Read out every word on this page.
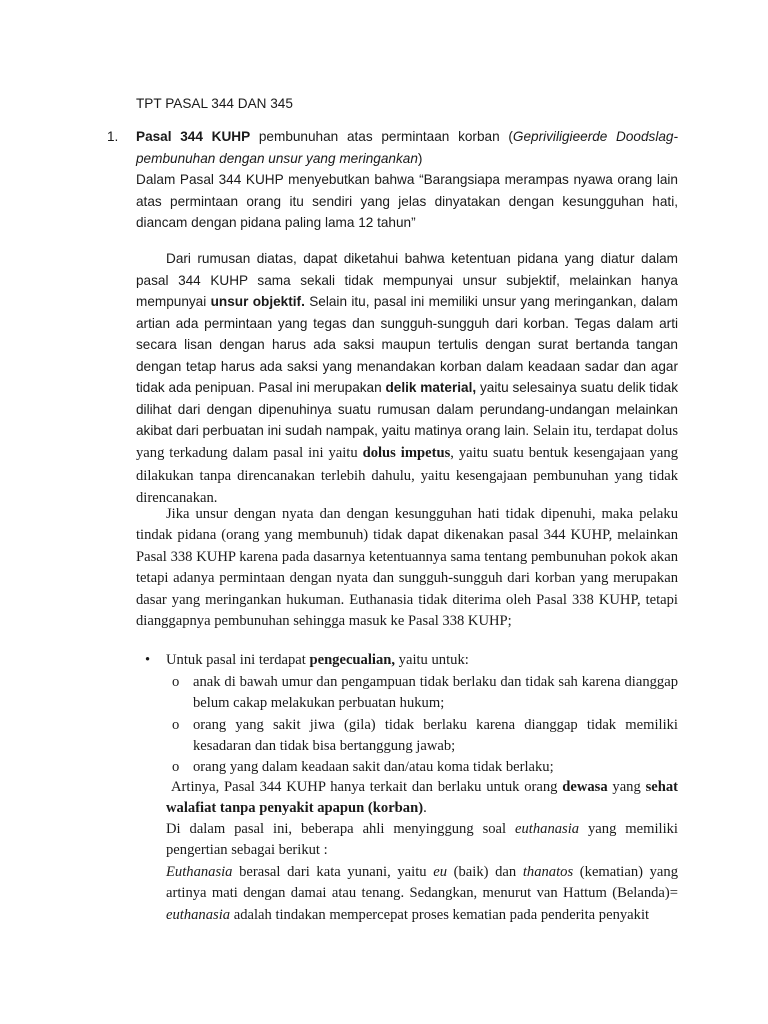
TPT PASAL 344 DAN 345
1. Pasal 344 KUHP pembunuhan atas permintaan korban (Gepriviligieerde Doodslag-pembunuhan dengan unsur yang meringankan)

Dalam Pasal 344 KUHP menyebutkan bahwa “Barangsiapa merampas nyawa orang lain atas permintaan orang itu sendiri yang jelas dinyatakan dengan kesungguhan hati, diancam dengan pidana paling lama 12 tahun”

Dari rumusan diatas, dapat diketahui bahwa ketentuan pidana yang diatur dalam pasal 344 KUHP sama sekali tidak mempunyai unsur subjektif, melainkan hanya mempunyai unsur objektif. Selain itu, pasal ini memiliki unsur yang meringankan, dalam artian ada permintaan yang tegas dan sungguh-sungguh dari korban. Tegas dalam arti secara lisan dengan harus ada saksi maupun tertulis dengan surat bertanda tangan dengan tetap harus ada saksi yang menandakan korban dalam keadaan sadar dan agar tidak ada penipuan. Pasal ini merupakan delik material, yaitu selesainya suatu delik tidak dilihat dari dengan dipenuhinya suatu rumusan dalam perundang-undangan melainkan akibat dari perbuatan ini sudah nampak, yaitu matinya orang lain. Selain itu, terdapat dolus yang terkadung dalam pasal ini yaitu dolus impetus, yaitu suatu bentuk kesengajaan yang dilakukan tanpa direncanakan terlebih dahulu, yaitu kesengajaan pembunuhan yang tidak direncanakan.

Jika unsur dengan nyata dan dengan kesungguhan hati tidak dipenuhi, maka pelaku tindak pidana (orang yang membunuh) tidak dapat dikenakan pasal 344 KUHP, melainkan Pasal 338 KUHP karena pada dasarnya ketentuannya sama tentang pembunuhan pokok akan tetapi adanya permintaan dengan nyata dan sungguh-sungguh dari korban yang merupakan dasar yang meringankan hukuman. Euthanasia tidak diterima oleh Pasal 338 KUHP, tetapi dianggapnya pembunuhan sehingga masuk ke Pasal 338 KUHP;

• Untuk pasal ini terdapat pengecualian, yaitu untuk:
o anak di bawah umur dan pengampuan tidak berlaku dan tidak sah karena dianggap belum cakap melakukan perbuatan hukum;
o orang yang sakit jiwa (gila) tidak berlaku karena dianggap tidak memiliki kesadaran dan tidak bisa bertanggung jawab;
o orang yang dalam keadaan sakit dan/atau koma tidak berlaku;

Artinya, Pasal 344 KUHP hanya terkait dan berlaku untuk orang dewasa yang sehat walafiat tanpa penyakit apapun (korban).

Di dalam pasal ini, beberapa ahli menyinggung soal euthanasia yang memiliki pengertian sebagai berikut :

Euthanasia berasal dari kata yunani, yaitu eu (baik) dan thanatos (kematian) yang artinya mati dengan damai atau tenang. Sedangkan, menurut van Hattum (Belanda)= euthanasia adalah tindakan mempercepat proses kematian pada penderita penyakit
